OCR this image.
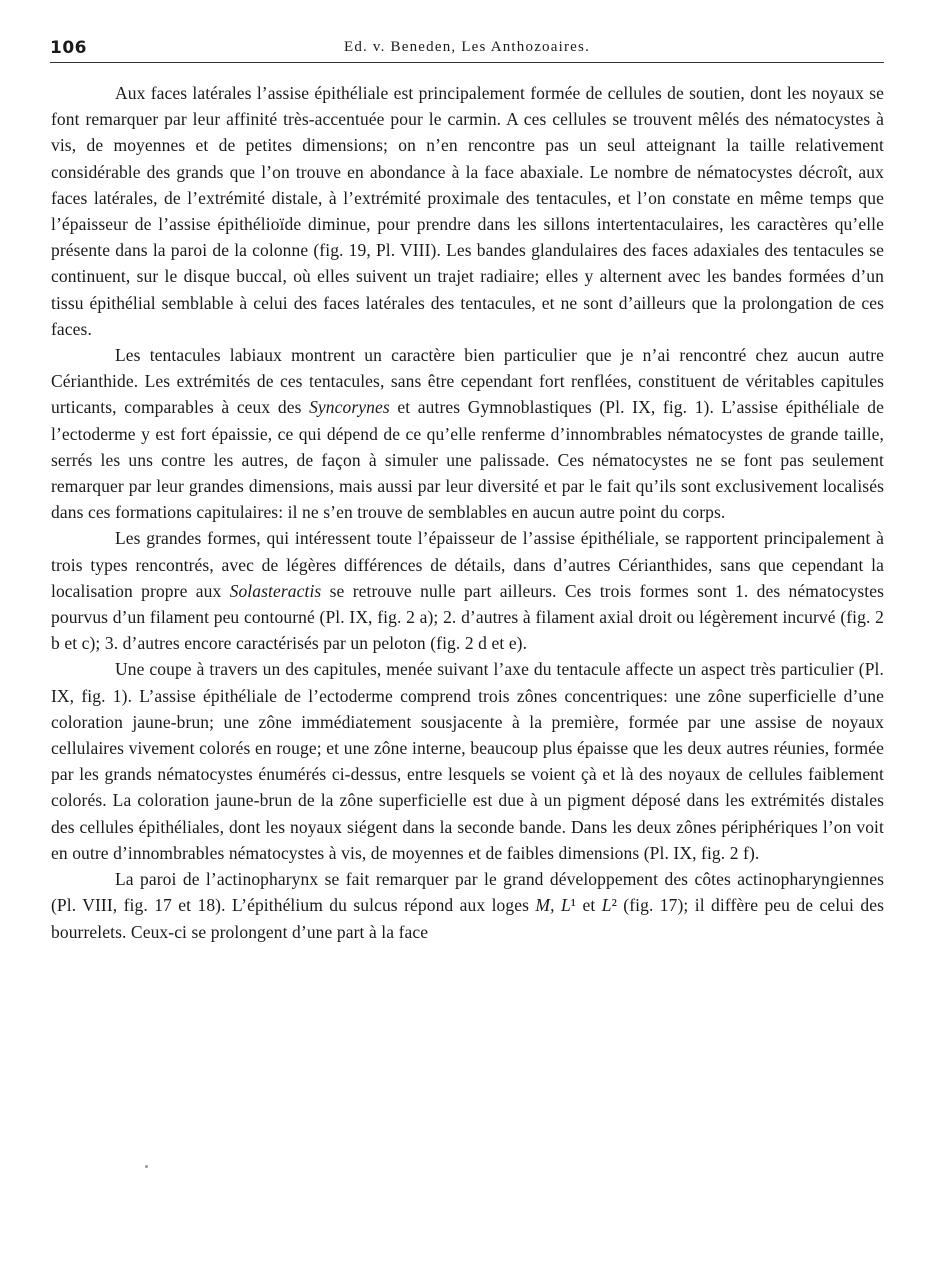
106	Ed. v. Beneden, Les Anthozoaires.

Aux faces latérales l’assise épithéliale est principalement formée de cellules de soutien, dont les noyaux se font remarquer par leur affinité très-accentuée pour le carmin. A ces cellules se trouvent mêlés des nématocystes à vis, de moyennes et de petites dimensions; on n’en rencontre pas un seul atteignant la taille relativement considérable des grands que l’on trouve en abondance à la face abaxiale. Le nombre de nématocystes décroît, aux faces latérales, de l’extrémité distale, à l’extrémité proximale des tentacules, et l’on constate en même temps que l’épaisseur de l’assise épithélioïde diminue, pour prendre dans les sillons intertentaculaires, les caractères qu’elle présente dans la paroi de la colonne (fig. 19, Pl. VIII). Les bandes glandulaires des faces adaxiales des tentacules se continuent, sur le disque buccal, où elles suivent un trajet radiaire; elles y alternent avec les bandes formées d’un tissu épithélial semblable à celui des faces latérales des tentacules, et ne sont d’ailleurs que la prolongation de ces faces.

Les tentacules labiaux montrent un caractère bien particulier que je n’ai rencontré chez aucun autre Cérianthide. Les extrémités de ces tentacules, sans être cependant fort renflées, constituent de véritables capitules urticants, comparables à ceux des Syncorynes et autres Gymnoblastiques (Pl. IX, fig. 1). L’assise épithéliale de l’ectoderme y est fort épaissie, ce qui dépend de ce qu’elle renferme d’innombrables nématocystes de grande taille, serrés les uns contre les autres, de façon à simuler une palissade. Ces nématocystes ne se font pas seulement remarquer par leur grandes dimensions, mais aussi par leur diversité et par le fait qu’ils sont exclusivement localisés dans ces formations capitulaires: il ne s’en trouve de semblables en aucun autre point du corps.

Les grandes formes, qui intéressent toute l’épaisseur de l’assise épithéliale, se rapportent principalement à trois types rencontrés, avec de légères différences de détails, dans d’autres Cérianthides, sans que cependant la localisation propre aux Solasteractis se retrouve nulle part ailleurs. Ces trois formes sont 1. des nématocystes pourvus d’un filament peu contourné (Pl. IX, fig. 2 a); 2. d’autres à filament axial droit ou légèrement incurvé (fig. 2 b et c); 3. d’autres encore caractérisés par un peloton (fig. 2 d et e).

Une coupe à travers un des capitules, menée suivant l’axe du tentacule affecte un aspect très particulier (Pl. IX, fig. 1). L’assise épithéliale de l’ectoderme comprend trois zônes concentriques: une zône superficielle d’une coloration jaune-brun; une zône immédiatement sousjacente à la première, formée par une assise de noyaux cellulaires vivement colorés en rouge; et une zône interne, beaucoup plus épaisse que les deux autres réunies, formée par les grands nématocystes énumérés ci-dessus, entre lesquels se voient çà et là des noyaux de cellules faiblement colorés. La coloration jaune-brun de la zône superficielle est due à un pigment déposé dans les extrémités distales des cellules épithéliales, dont les noyaux siégent dans la seconde bande. Dans les deux zônes périphériques l’on voit en outre d’innombrables nématocystes à vis, de moyennes et de faibles dimensions (Pl. IX, fig. 2 f).

La paroi de l’actinopharynx se fait remarquer par le grand développement des côtes actinopharyngiennes (Pl. VIII, fig. 17 et 18). L’épithélium du sulcus répond aux loges M, L¹ et L² (fig. 17); il diffère peu de celui des bourrelets. Ceux-ci se prolongent d’une part à la face
